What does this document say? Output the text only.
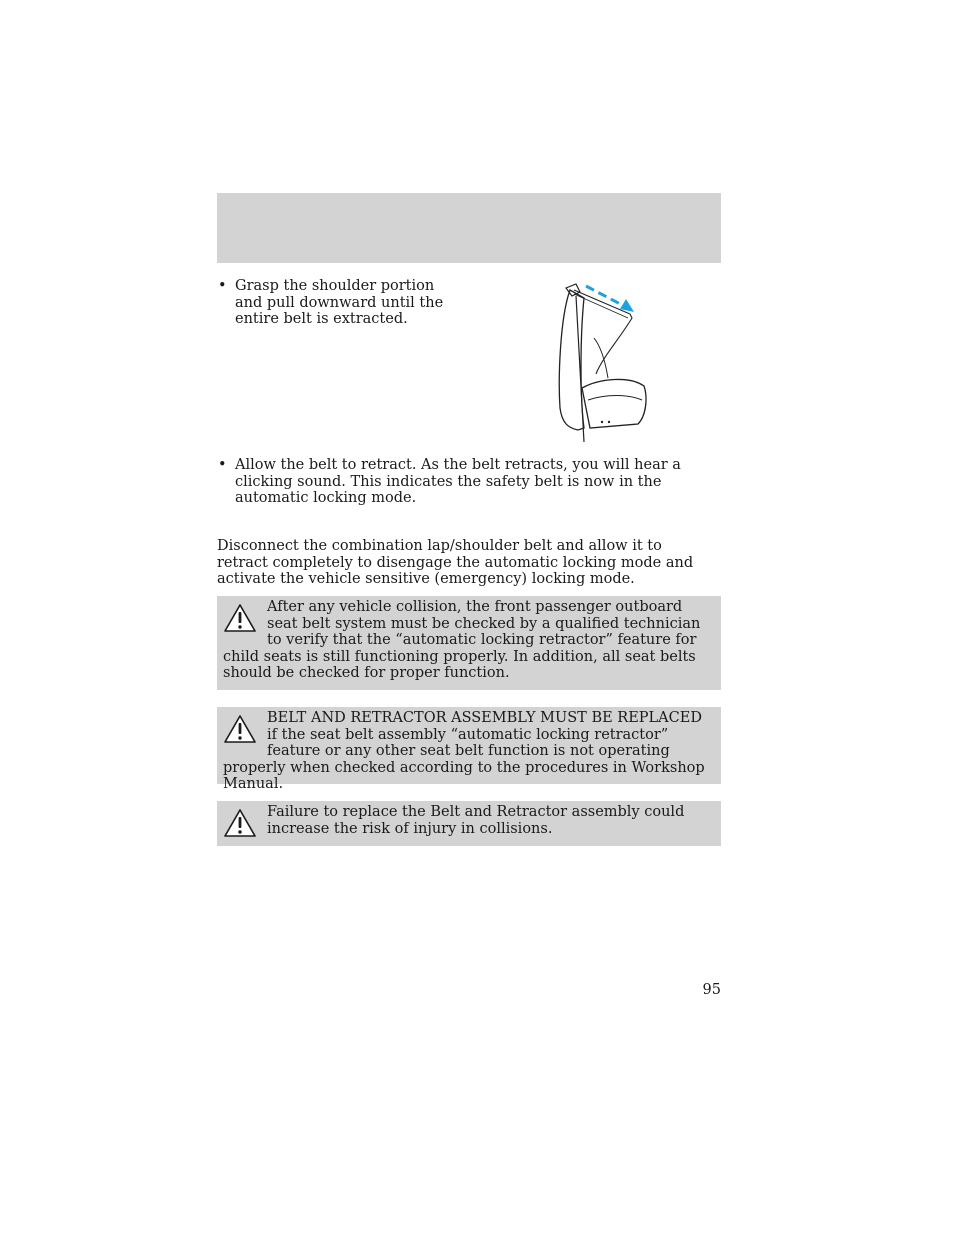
• Grasp the shoulder portion and pull downward until the entire belt is extracted.
• Allow the belt to retract. As the belt retracts, you will hear a clicking sound. This indicates the safety belt is now in the automatic locking mode.
Disconnect the combination lap/shoulder belt and allow it to retract completely to disengage the automatic locking mode and activate the vehicle sensitive (emergency) locking mode.
After any vehicle collision, the front passenger outboard seat belt system must be checked by a qualified technician to verify that the “automatic locking retractor” feature for child seats is still functioning properly. In addition, all seat belts should be checked for proper function.
BELT AND RETRACTOR ASSEMBLY MUST BE REPLACED if the seat belt assembly “automatic locking retractor” feature or any other seat belt function is not operating properly when checked according to the procedures in Workshop Manual.
Failure to replace the Belt and Retractor assembly could increase the risk of injury in collisions.
95
